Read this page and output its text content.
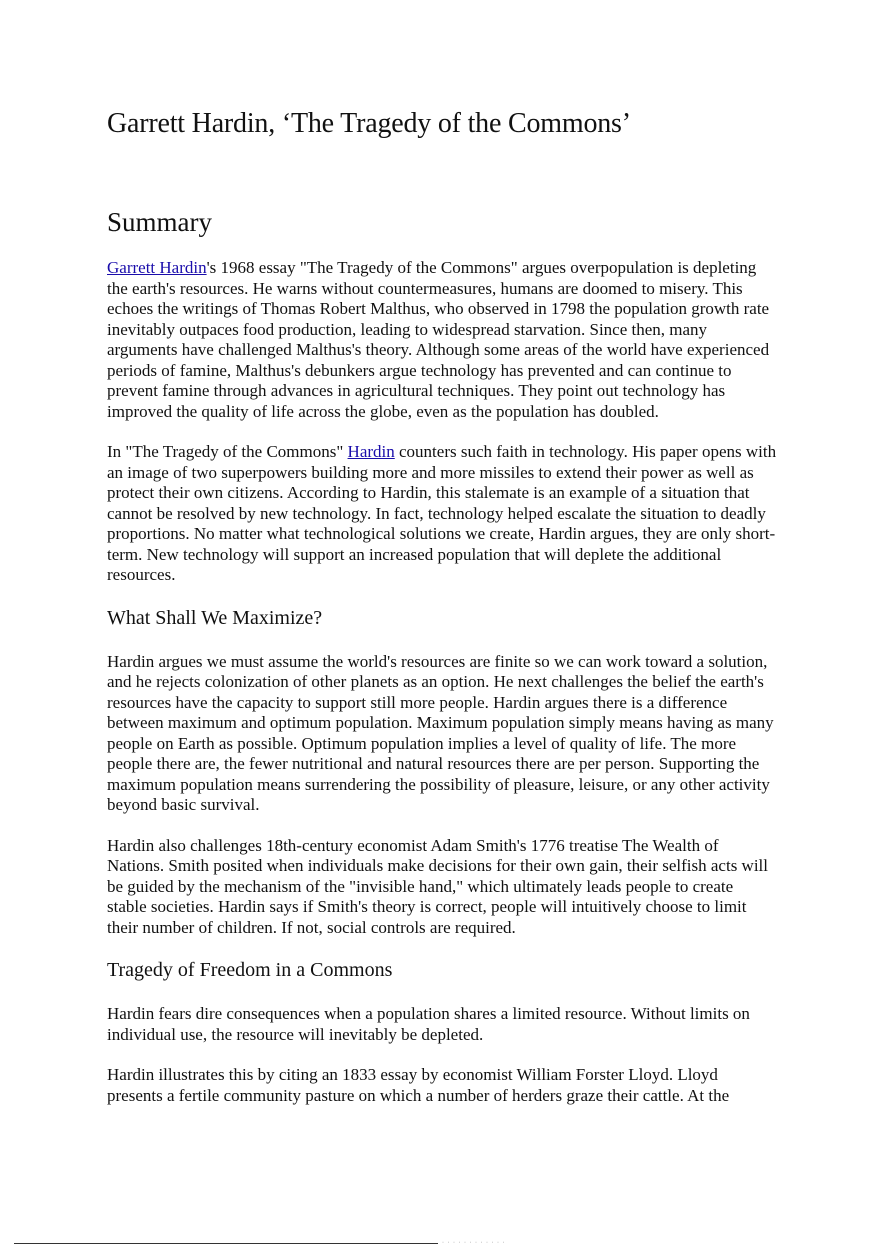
Garrett Hardin, ‘The Tragedy of the Commons’
Summary

Garrett Hardin's 1968 essay "The Tragedy of the Commons" argues overpopulation is depleting the earth's resources. He warns without countermeasures, humans are doomed to misery. This echoes the writings of Thomas Robert Malthus, who observed in 1798 the population growth rate inevitably outpaces food production, leading to widespread starvation. Since then, many arguments have challenged Malthus's theory. Although some areas of the world have experienced periods of famine, Malthus's debunkers argue technology has prevented and can continue to prevent famine through advances in agricultural techniques. They point out technology has improved the quality of life across the globe, even as the population has doubled.

In "The Tragedy of the Commons" Hardin counters such faith in technology. His paper opens with an image of two superpowers building more and more missiles to extend their power as well as protect their own citizens. According to Hardin, this stalemate is an example of a situation that cannot be resolved by new technology. In fact, technology helped escalate the situation to deadly proportions. No matter what technological solutions we create, Hardin argues, they are only short-term. New technology will support an increased population that will deplete the additional resources.

What Shall We Maximize?

Hardin argues we must assume the world's resources are finite so we can work toward a solution, and he rejects colonization of other planets as an option. He next challenges the belief the earth's resources have the capacity to support still more people. Hardin argues there is a difference between maximum and optimum population. Maximum population simply means having as many people on Earth as possible. Optimum population implies a level of quality of life. The more people there are, the fewer nutritional and natural resources there are per person. Supporting the maximum population means surrendering the possibility of pleasure, leisure, or any other activity beyond basic survival.

Hardin also challenges 18th-century economist Adam Smith's 1776 treatise The Wealth of Nations. Smith posited when individuals make decisions for their own gain, their selfish acts will be guided by the mechanism of the "invisible hand," which ultimately leads people to create stable societies. Hardin says if Smith's theory is correct, people will intuitively choose to limit their number of children. If not, social controls are required.

Tragedy of Freedom in a Commons

Hardin fears dire consequences when a population shares a limited resource. Without limits on individual use, the resource will inevitably be depleted.

Hardin illustrates this by citing an 1833 essay by economist William Forster Lloyd. Lloyd presents a fertile community pasture on which a number of herders graze their cattle. At the

· · · · · · · · · · · ·
